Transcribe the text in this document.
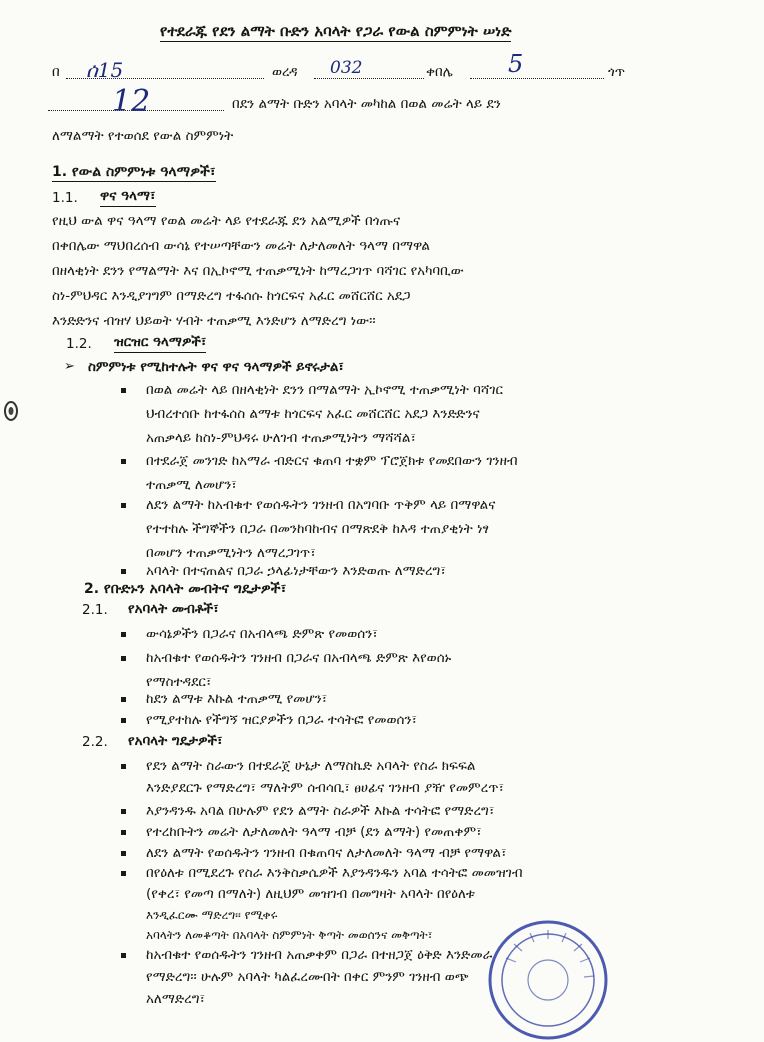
የተደራጁ የደን ልማት ቡድን አባላት የጋራ የውል ስምምነት ሠነድ
በ ሰ15	ወረዳ 032	ቀበሌ 5	ጎጥ
12	በደን ልማት ቡድን አባላት መካከል በወል መሬት ላይ ደን
ለማልማት የተወሰደ የውል ስምምነት
1. የውል ስምምነቱ ዓላማዎች፣
1.1. ዋና ዓላማ፣
የዚህ ውል ዋና ዓላማ የወል መሬት ላይ የተደራጁ ደን አልሚዎች በጎጡና
በቀበሌው ማህበረሰብ ውሳኔ የተሠጣቸውን መሬት ለታለመለት ዓላማ በማዋል
በዘላቂነት ደንን የማልማት እና በኢኮኖሚ ተጠቃሚነት ከማረጋገጥ ባሻገር የአካባቢው
ስነ-ምህዳር እንዲያገግም በማድረግ ተፋሰሱ ከጎርፍና አፈር መሸርሸር አደጋ
እንድድንና ብዝሃ ህይወት ሃብት ተጠቃሚ እንድሆን ለማድረግ ነው፡፡
1.2. ዝርዝር ዓላማዎች፣
➢ ስምምነቱ የሚከተሉት ዋና ዋና ዓላማዎች ይኖሩታል፣
በወል መሬት ላይ በዘላቂነት ደንን በማልማት ኢኮኖሚ ተጠቃሚነት ባሻገር
ህብረተሰቡ ከተፋሰስ ልማቱ ከጎርፍና አፈር መሸርሸር አደጋ እንድድንና
አጠቃላይ ከስነ-ምህዳሩ ሁለገብ ተጠቃሚነትን ማሻሻል፣
በተደራጀ መንገድ ከአማራ ብድርና ቁጠባ ተቋም ፕሮጀክቱ የመደበውን ገንዘብ
ተጠቃሚ ለመሆን፣
ለደን ልማት ከአብቁተ የወሰዱትን ገንዘብ በአግባቡ ጥቅም ላይ በማዋልና
የተተከሉ ችግኞችን በጋራ በመንከባከብና በማጽደቅ ከእዳ ተጠያቂነት ነፃ
በመሆን ተጠቃሚነትን ለማረጋገጥ፣
አባላት በተናጠልና በጋራ ኃላፊነታቸውን እንድወጡ ለማድረግ፣
2. የቡድኑን አባላት መብትና ግዴታዎች፣
2.1. የአባላት መብቶች፣
ውሳኔዎችን በጋራና በአብላጫ ድምጽ የመወሰን፣
ከአብቁተ የወሰዱትን ገንዘብ በጋራና በአብላጫ ድምጽ እየወሰኑ
የማስተዳደር፣
ከደን ልማቱ እኩል ተጠቃሚ የመሆን፣
የሚያተከሉ የችግኝ ዝርያዎችን በጋራ ተሳትፎ የመወሰን፣
2.2. የአባላት ግዴታዎች፣
የደን ልማት ስራውን በተደራጀ ሁኔታ ለማስኬድ አባላት የስራ ክፍፍል
እንድያደርጉ የማድረግ፣ ማለትም ሰብሳቢ፣ ፀሀፊና ገንዘብ ያዥ የመምረጥ፣
እያንዳንዱ አባል በሁሉም የደን ልማት ስራዎች እኩል ተሳትፎ የማድረግ፣
የተረከቡትን መሬት ለታለመለት ዓላማ ብቻ (ደን ልማት) የመጠቀም፣
ለደን ልማት የወሰዱትን ገንዘብ በቁጠባና ለታለመለት ዓላማ ብቻ የማዋል፣
በየዕለቱ በሚደረጉ የስራ እንቅስቃሴዎች እያንዳንዱን አባል ተሳትፎ መመዝገብ
(የቀረ፣ የመጣ በማለት) ለዚህም መዝገብ በመግዛት አባላት በየዕለቱ
እንዲፈርሙ ማድረግ፡፡ የሚቀሩ
አባላትን ለመቆጣት በአባላት ስምምነት ቅጣት መወሰንና መቅጣት፣
ከአብቁተ የወሰዱትን ገንዘብ አጠቃቀም በጋራ በተዘጋጀ ዕቅድ እንድመራ
የማድረግ፡፡ ሁሉም አባላት ካልፈረሙበት በቀር ምንም ገንዘብ ወጭ
አለማድረግ፣
